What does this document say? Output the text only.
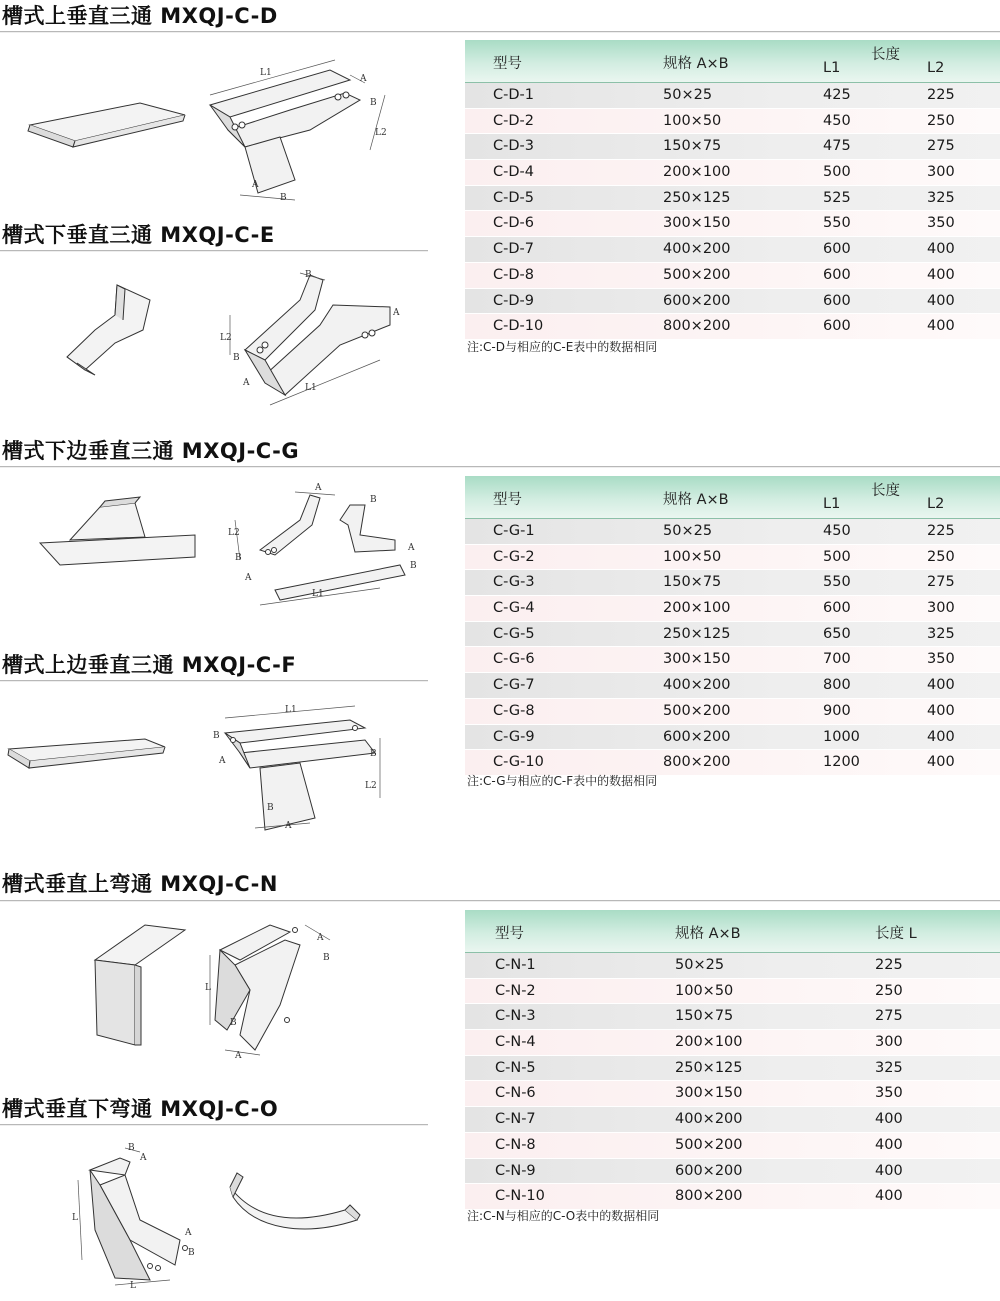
槽式上垂直三通 MXQJ-C-D
槽式下垂直三通 MXQJ-C-E
槽式下边垂直三通 MXQJ-C-G
槽式上边垂直三通 MXQJ-C-F
槽式垂直上弯通 MXQJ-C-N
槽式垂直下弯通 MXQJ-C-O
型号	规格 A×B
长度
L1	L2
C-D-1	50×25	425	225
C-D-2	100×50	450	250
C-D-3	150×75	475	275
C-D-4	200×100	500	300
C-D-5	250×125	525	325
C-D-6	300×150	550	350
C-D-7	400×200	600	400
C-D-8	500×200	600	400
C-D-9	600×200	600	400
C-D-10	800×200	600	400
注:C-D与相应的C-E表中的数据相同
型号	规格 A×B
长度
L1	L2
C-G-1	50×25	450	225
C-G-2	100×50	500	250
C-G-3	150×75	550	275
C-G-4	200×100	600	300
C-G-5	250×125	650	325
C-G-6	300×150	700	350
C-G-7	400×200	800	400
C-G-8	500×200	900	400
C-G-9	600×200	1000	400
C-G-10	800×200	1200	400
注:C-G与相应的C-F表中的数据相同
型号	规格 A×B	长度 L
C-N-1	50×25	225
C-N-2	100×50	250
C-N-3	150×75	275
C-N-4	200×100	300
C-N-5	250×125	325
C-N-6	300×150	350
C-N-7	400×200	400
C-N-8	500×200	400
C-N-9	600×200	400
C-N-10	800×200	400
注:C-N与相应的C-O表中的数据相同
L1
A
B
L2
A
B
L2
B
A	L1
B
A
L2
B
A
L1
A
B
A
B
L1
B
A
B
L2
B
A
L
A
B
B
A
L
B
A
A
B
L
